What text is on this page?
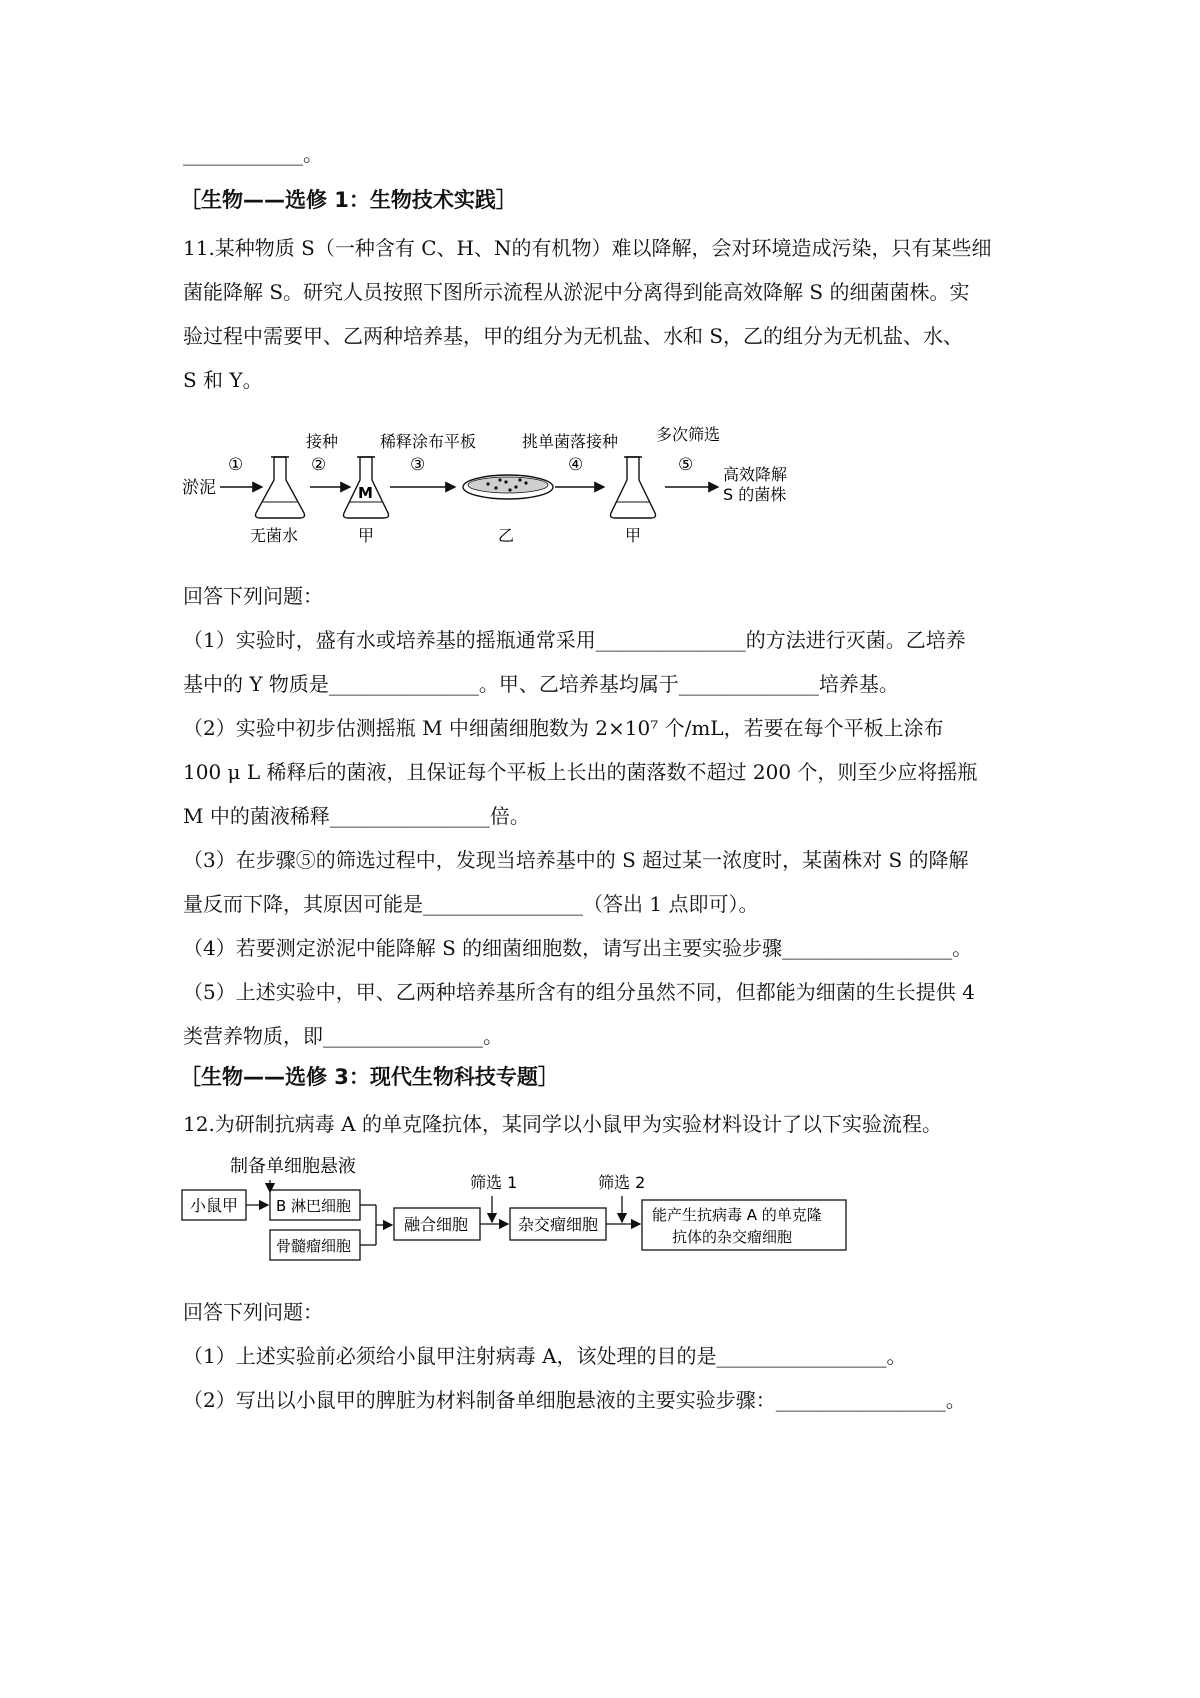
____________。
［生物——选修 1：生物技术实践］
11.某种物质 S（一种含有 C、H、N的有机物）难以降解，会对环境造成污染，只有某些细
菌能降解 S。研究人员按照下图所示流程从淤泥中分离得到能高效降解 S 的细菌菌株。实
验过程中需要甲、乙两种培养基，甲的组分为无机盐、水和 S，乙的组分为无机盐、水、
S 和 Y。
淤泥
①
无菌水
接种
②
M
甲
稀释涂布平板
③
乙
挑单菌落接种
④
甲
多次筛选
⑤ 高效降解
S 的菌株
回答下列问题：
（1）实验时，盛有水或培养基的摇瓶通常采用_______________的方法进行灭菌。乙培养
基中的 Y 物质是_______________。甲、乙培养基均属于______________培养基。
（2）实验中初步估测摇瓶 M 中细菌细胞数为 2×10⁷ 个/mL，若要在每个平板上涂布
100 μ L 稀释后的菌液，且保证每个平板上长出的菌落数不超过 200 个，则至少应将摇瓶
M 中的菌液稀释________________倍。
（3）在步骤⑤的筛选过程中，发现当培养基中的 S 超过某一浓度时，某菌株对 S 的降解
量反而下降，其原因可能是________________（答出 1 点即可）。
（4）若要测定淤泥中能降解 S 的细菌细胞数，请写出主要实验步骤_________________。
（5）上述实验中，甲、乙两种培养基所含有的组分虽然不同，但都能为细菌的生长提供 4
类营养物质，即________________。
［生物——选修 3：现代生物科技专题］
12.为研制抗病毒 A 的单克隆抗体，某同学以小鼠甲为实验材料设计了以下实验流程。
制备单细胞悬液
小鼠甲	B 淋巴细胞
骨髓瘤细胞
融合细胞
筛选 1
杂交瘤细胞
筛选 2
能产生抗病毒 A 的单克隆
抗体的杂交瘤细胞
回答下列问题：
（1）上述实验前必须给小鼠甲注射病毒 A，该处理的目的是_________________。
（2）写出以小鼠甲的脾脏为材料制备单细胞悬液的主要实验步骤：_________________。
